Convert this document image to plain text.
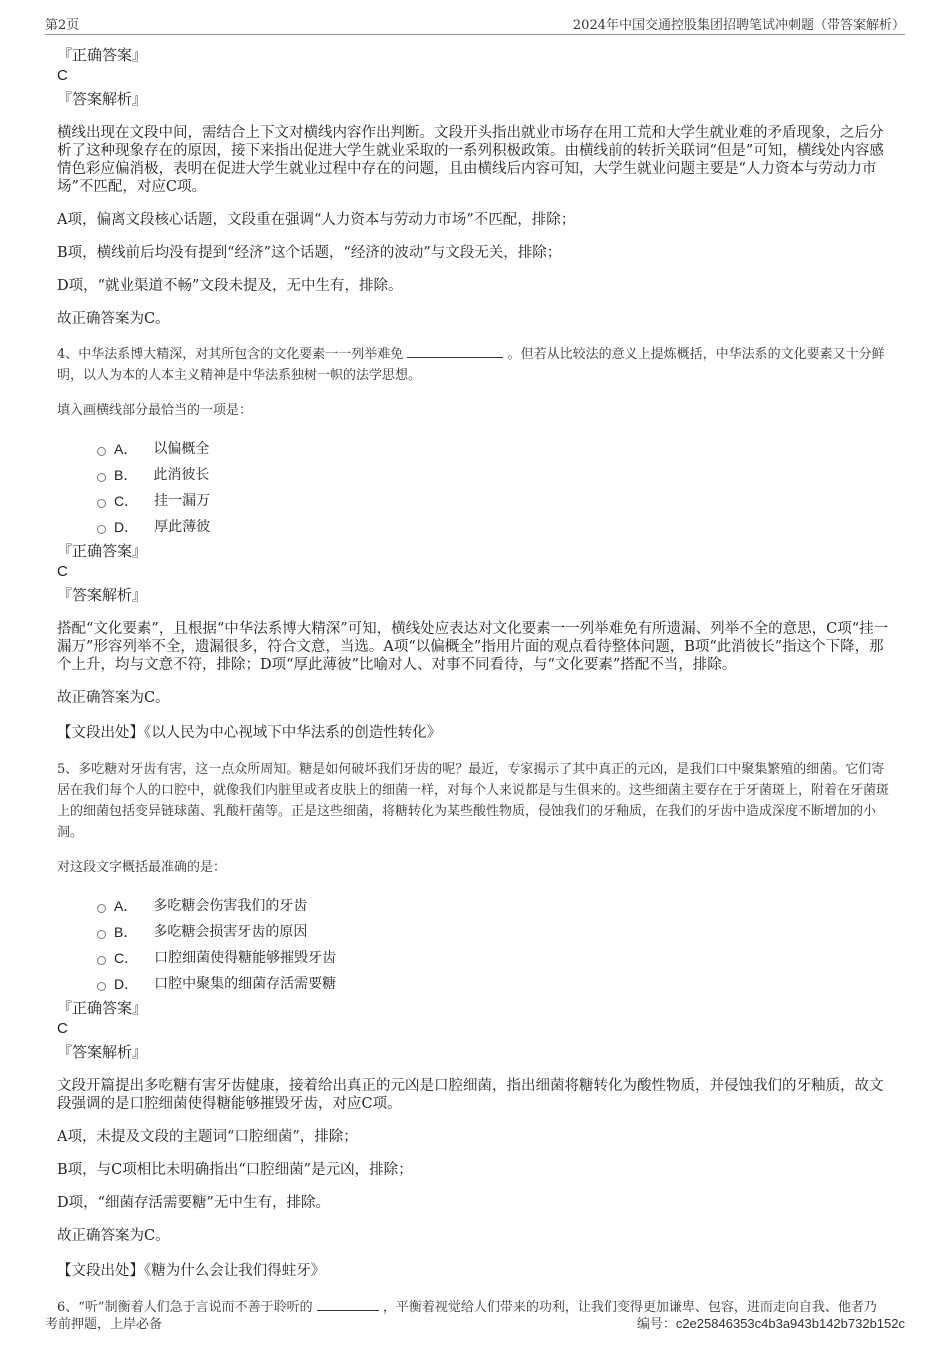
第2页	2024年中国交通控股集团招聘笔试冲刺题（带答案解析）
『正确答案』
C
『答案解析』
横线出现在文段中间，需结合上下文对横线内容作出判断。文段开头指出就业市场存在用工荒和大学生就业难的矛盾现象，之后分析了这种现象存在的原因，接下来指出促进大学生就业采取的一系列积极政策。由横线前的转折关联词“但是”可知，横线处内容感情色彩应偏消极，表明在促进大学生就业过程中存在的问题，且由横线后内容可知，大学生就业问题主要是“人力资本与劳动力市场”不匹配，对应C项。
A项，偏离文段核心话题，文段重在强调“人力资本与劳动力市场”不匹配，排除；
B项，横线前后均没有提到“经济”这个话题，“经济的波动”与文段无关，排除；
D项，“就业渠道不畅”文段未提及，无中生有，排除。
故正确答案为C。
4、中华法系博大精深，对其所包含的文化要素一一列举难免	。但若从比较法的意义上提炼概括，中华法系的文化要素又十分鲜明，以人为本的人本主义精神是中华法系独树一帜的法学思想。
填入画横线部分最恰当的一项是：
A． 以偏概全
B． 此消彼长
C． 挂一漏万
D． 厚此薄彼
『正确答案』
C
『答案解析』
搭配“文化要素”，且根据“中华法系博大精深”可知，横线处应表达对文化要素一一列举难免有所遗漏、列举不全的意思，C项“挂一漏万”形容列举不全，遗漏很多，符合文意，当选。A项“以偏概全”指用片面的观点看待整体问题，B项“此消彼长”指这个下降，那个上升，均与文意不符，排除；D项“厚此薄彼”比喻对人、对事不同看待，与“文化要素”搭配不当，排除。
故正确答案为C。
【文段出处】《以人民为中心视域下中华法系的创造性转化》
5、多吃糖对牙齿有害，这一点众所周知。糖是如何破坏我们牙齿的呢？最近，专家揭示了其中真正的元凶，是我们口中聚集繁殖的细菌。它们寄居在我们每个人的口腔中，就像我们内脏里或者皮肤上的细菌一样，对每个人来说都是与生俱来的。这些细菌主要存在于牙菌斑上，附着在牙菌斑上的细菌包括变异链球菌、乳酸杆菌等。正是这些细菌，将糖转化为某些酸性物质，侵蚀我们的牙釉质，在我们的牙齿中造成深度不断增加的小洞。
对这段文字概括最准确的是：
A． 多吃糖会伤害我们的牙齿
B． 多吃糖会损害牙齿的原因
C． 口腔细菌使得糖能够摧毁牙齿
D． 口腔中聚集的细菌存活需要糖
『正确答案』
C
『答案解析』
文段开篇提出多吃糖有害牙齿健康，接着给出真正的元凶是口腔细菌，指出细菌将糖转化为酸性物质，并侵蚀我们的牙釉质，故文段强调的是口腔细菌使得糖能够摧毁牙齿，对应C项。
A项，未提及文段的主题词“口腔细菌”，排除；
B项，与C项相比未明确指出“口腔细菌”是元凶，排除；
D项，“细菌存活需要糖”无中生有，排除。
故正确答案为C。
【文段出处】《糖为什么会让我们得蛀牙》
6、“听”制衡着人们急于言说而不善于聆听的	，平衡着视觉给人们带来的功利，让我们变得更加谦卑、包容，进而走向自我、他者乃
考前押题，上岸必备	编号：c2e25846353c4b3a943b142b732b152c
